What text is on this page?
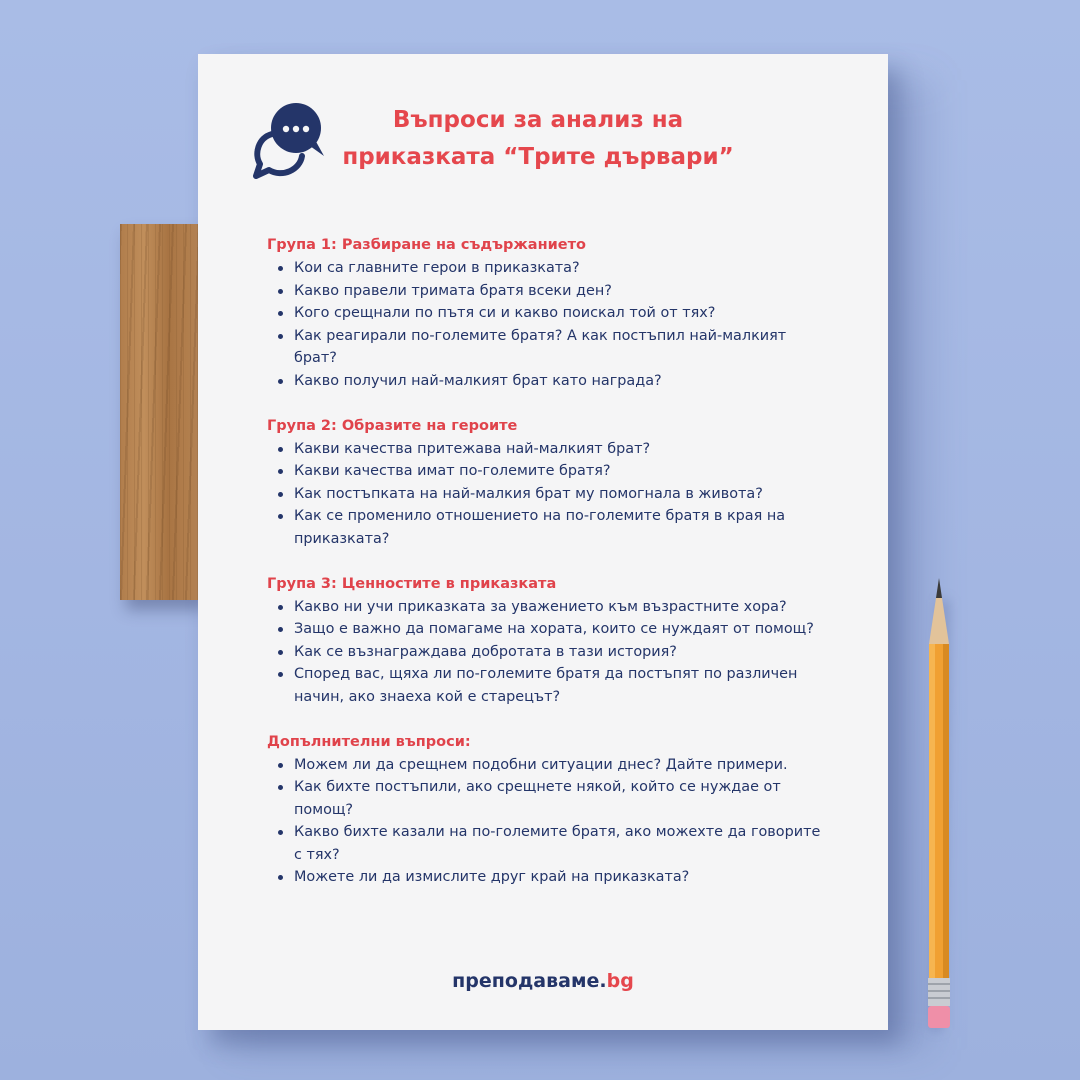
Въпроси за анализ на
приказката “Трите дървари”
Група 1: Разбиране на съдържанието
Кои са главните герои в приказката?
Какво правели тримата братя всеки ден?
Кого срещнали по пътя си и какво поискал той от тях?
Как реагирали по-големите братя? А как постъпил най-малкият брат?
Какво получил най-малкият брат като награда?
Група 2: Образите на героите
Какви качества притежава най-малкият брат?
Какви качества имат по-големите братя?
Как постъпката на най-малкия брат му помогнала в живота?
Как се променило отношението на по-големите братя в края на приказката?
Група 3: Ценностите в приказката
Какво ни учи приказката за уважението към възрастните хора?
Защо е важно да помагаме на хората, които се нуждаят от помощ?
Как се възнаграждава добротата в тази история?
Според вас, щяха ли по-големите братя да постъпят по различен начин, ако знаеха кой е старецът?
Допълнителни въпроси:
Можем ли да срещнем подобни ситуации днес? Дайте примери.
Как бихте постъпили, ако срещнете някой, който се нуждае от помощ?
Какво бихте казали на по-големите братя, ако можехте да говорите с тях?
Можете ли да измислите друг край на приказката?
преподаваме.bg
